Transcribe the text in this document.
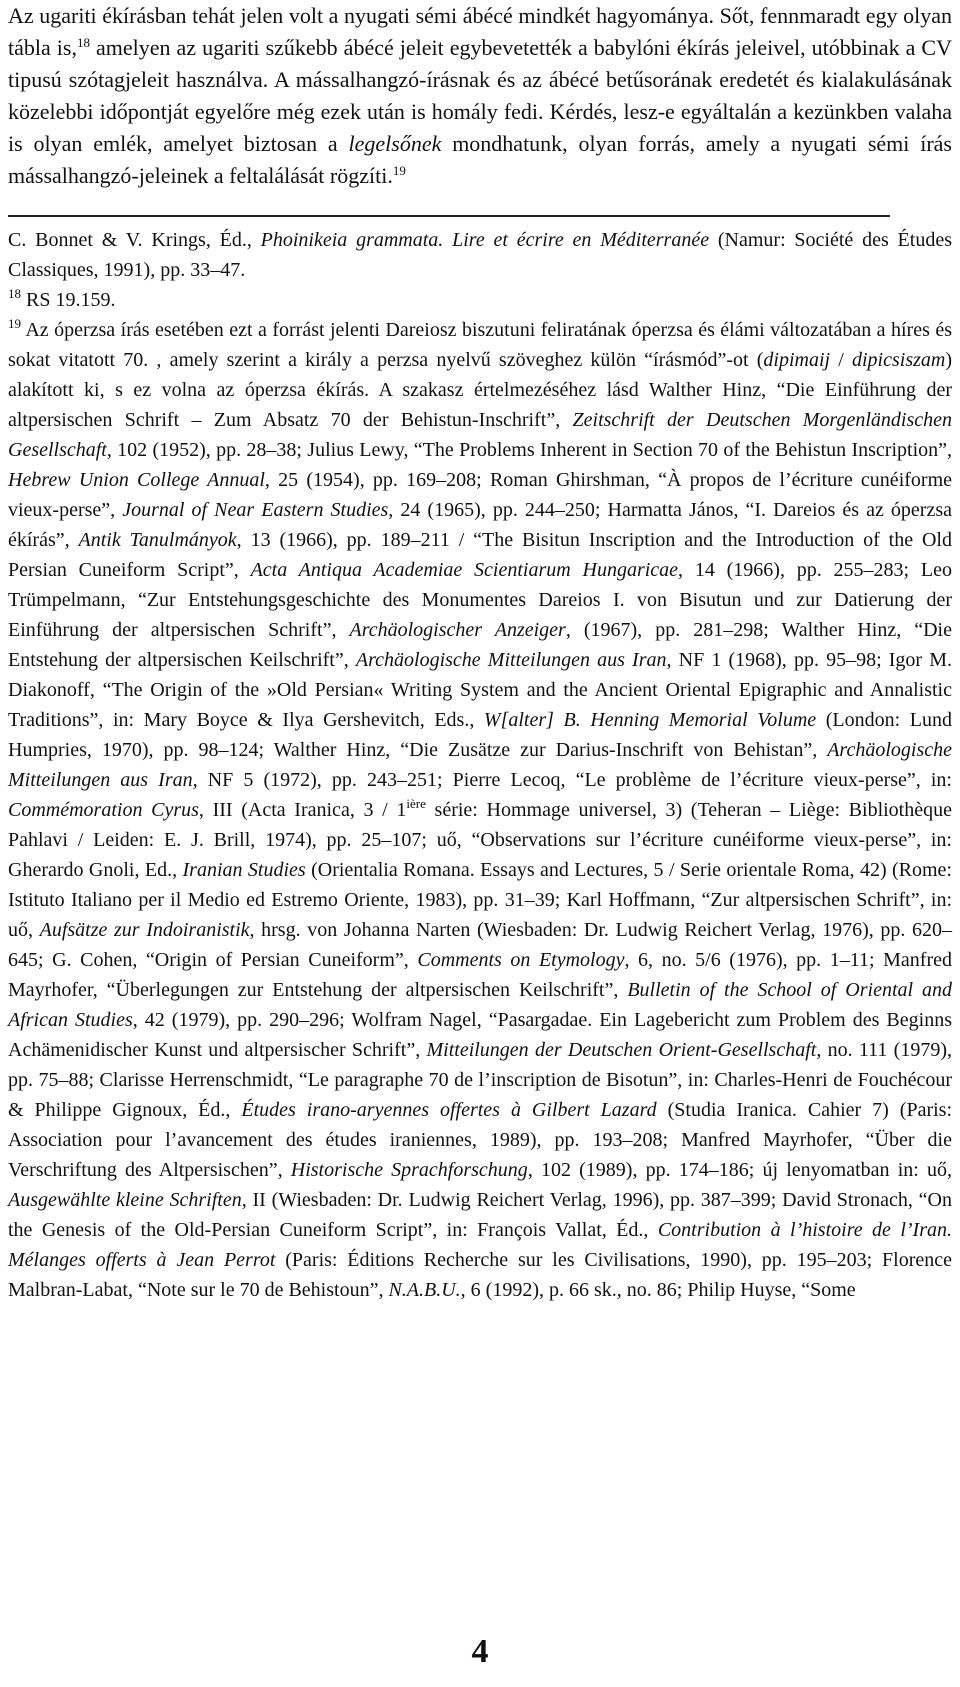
Az ugariti ékírásban tehát jelen volt a nyugati sémi ábécé mindkét hagyománya. Sőt, fennmaradt egy olyan tábla is,$^{18}$ amelyen az ugariti szűkebb ábécé jeleit egybevetették a babylóni ékírás jeleivel, utóbbinak a CV tipusú szótagjeleit használva. A mássalhangzó-írásnak és az ábécé betűsorának eredetét és kialakulásának közelebbi időpontját egyelőre még ezek után is homály fedi. Kérdés, lesz-e egyáltalán a kezünkben valaha is olyan emlék, amelyet biztosan a legelsőnek mondhatunk, olyan forrás, amely a nyugati sémi írás mássalhangzó-jeleinek a feltalálását rögzíti.$^{19}$

C. Bonnet & V. Krings, Éd., Phoinikeia grammata. Lire et écrire en Méditerranée (Namur: Société des Études Classiques, 1991), pp. 33–47.

$^{18}$ RS 19.159.

$^{19}$ Az óperzsa írás esetében ezt a forrást jelenti Dareiosz biszutuni feliratának óperzsa és élámi változatában a híres és sokat vitatott 70. , amely szerint a király a perzsa nyelvű szöveghez külön “írásmód”-ot (dipimaij / dipicsiszam) alakított ki, s ez volna az óperzsa ékírás. A szakasz értelmezéséhez lásd Walther Hinz, “Die Einführung der altpersischen Schrift – Zum Absatz 70 der Behistun-Inschrift”, Zeitschrift der Deutschen Morgenländischen Gesellschaft, 102 (1952), pp. 28–38; Julius Lewy, “The Problems Inherent in Section 70 of the Behistun Inscription”, Hebrew Union College Annual, 25 (1954), pp. 169–208; Roman Ghirshman, “À propos de l’écriture cunéiforme vieux-perse”, Journal of Near Eastern Studies, 24 (1965), pp. 244–250; Harmatta János, “I. Dareios és az óperzsa ékírás”, Antik Tanulmányok, 13 (1966), pp. 189–211 / “The Bisitun Inscription and the Introduction of the Old Persian Cuneiform Script”, Acta Antiqua Academiae Scientiarum Hungaricae, 14 (1966), pp. 255–283; Leo Trümpelmann, “Zur Entstehungsgeschichte des Monumentes Dareios I. von Bisutun und zur Datierung der Einführung der altpersischen Schrift”, Archäologischer Anzeiger, (1967), pp. 281–298; Walther Hinz, “Die Entstehung der altpersischen Keilschrift”, Archäologische Mitteilungen aus Iran, NF 1 (1968), pp. 95–98; Igor M. Diakonoff, “The Origin of the »Old Persian« Writing System and the Ancient Oriental Epigraphic and Annalistic Traditions”, in: Mary Boyce & Ilya Gershevitch, Eds., W[alter] B. Henning Memorial Volume (London: Lund Humpries, 1970), pp. 98–124; Walther Hinz, “Die Zusätze zur Darius-Inschrift von Behistan”, Archäologische Mitteilungen aus Iran, NF 5 (1972), pp. 243–251; Pierre Lecoq, “Le problème de l’écriture vieux-perse”, in: Commémoration Cyrus, III (Acta Iranica, $3 / 1^{ière}$ série: Hommage universel, 3) (Teheran – Liège: Bibliothèque Pahlavi / Leiden: E. J. Brill, 1974), pp. 25–107; uő, “Observations sur l’écriture cunéiforme vieux-perse”, in: Gherardo Gnoli, Ed., Iranian Studies (Orientalia Romana. Essays and Lectures, 5 / Serie orientale Roma, 42) (Rome: Istituto Italiano per il Medio ed Estremo Oriente, 1983), pp. 31–39; Karl Hoffmann, “Zur altpersischen Schrift”, in: uő, Aufsätze zur Indoiranistik, hrsg. von Johanna Narten (Wiesbaden: Dr. Ludwig Reichert Verlag, 1976), pp. 620–645; G. Cohen, “Origin of Persian Cuneiform”, Comments on Etymology, 6, no. 5/6 (1976), pp. 1–11; Manfred Mayrhofer, “Überlegungen zur Entstehung der altpersischen Keilschrift”, Bulletin of the School of Oriental and African Studies, 42 (1979), pp. 290–296; Wolfram Nagel, “Pasargadae. Ein Lagebericht zum Problem des Beginns Achämenidischer Kunst und altpersischer Schrift”, Mitteilungen der Deutschen Orient-Gesellschaft, no. 111 (1979), pp. 75–88; Clarisse Herrenschmidt, “Le paragraphe 70 de l’inscription de Bisotun”, in: Charles-Henri de Fouchécour & Philippe Gignoux, Éd., Études irano-aryennes offertes à Gilbert Lazard (Studia Iranica. Cahier 7) (Paris: Association pour l’avancement des études iraniennes, 1989), pp. 193–208; Manfred Mayrhofer, “Über die Verschriftung des Altpersischen”, Historische Sprachforschung, 102 (1989), pp. 174–186; új lenyomatban in: uő, Ausgewählte kleine Schriften, II (Wiesbaden: Dr. Ludwig Reichert Verlag, 1996), pp. 387–399; David Stronach, “On the Genesis of the Old-Persian Cuneiform Script”, in: François Vallat, Éd., Contribution à l’histoire de l’Iran. Mélanges offerts à Jean Perrot (Paris: Éditions Recherche sur les Civilisations, 1990), pp. 195–203; Florence Malbran-Labat, “Note sur le 70 de Behistoun”, N.A.B.U., 6 (1992), p. 66 sk., no. 86; Philip Huyse, “Some

4
